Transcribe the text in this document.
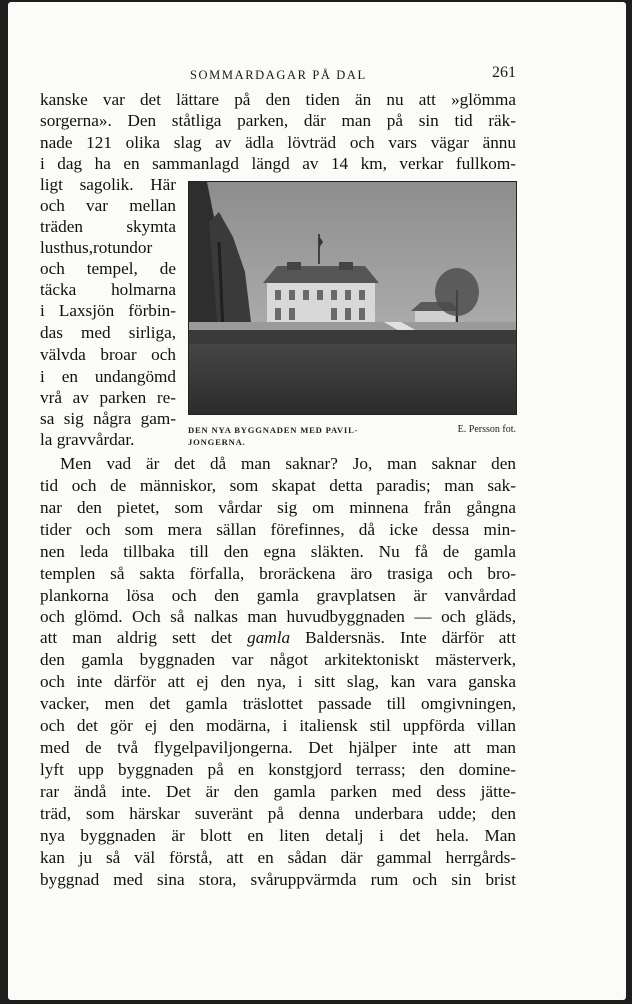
SOMMARDAGAR PÅ DAL	261
kanske var det lättare på den tiden än nu att »glömma
sorgerna». Den ståtliga parken, där man på sin tid räk-
nade 121 olika slag av ädla lövträd och vars vägar ännu
i dag ha en sammanlagd längd av 14 km, verkar fullkom-
ligt sagolik. Här
och var mellan
träden skymta
lusthus,rotundor
och tempel, de
täcka holmarna
i Laxsjön förbin-
das med sirliga,
välvda broar och
i en undangömd
vrå av parken re-
sa sig några gam-
la gravvårdar.	DEN NYA BYGGNADEN MED PAVIL-
JONGERNA.
E. Persson fot.
Men vad är det då man saknar? Jo, man saknar den
tid och de människor, som skapat detta paradis; man sak-
nar den pietet, som vårdar sig om minnena från gångna
tider och som mera sällan förefinnes, då icke dessa min-
nen leda tillbaka till den egna släkten. Nu få de gamla
templen så sakta förfalla, broräckena äro trasiga och bro-
plankorna lösa och den gamla gravplatsen är vanvårdad
och glömd. Och så nalkas man huvudbyggnaden — och gläds,
att man aldrig sett det gamla Baldersnäs. Inte därför att
den gamla byggnaden var något arkitektoniskt mästerverk,
och inte därför att ej den nya, i sitt slag, kan vara ganska
vacker, men det gamla träslottet passade till omgivningen,
och det gör ej den modärna, i italiensk stil uppförda villan
med de två flygelpaviljongerna. Det hjälper inte att man
lyft upp byggnaden på en konstgjord terrass; den domine-
rar ändå inte. Det är den gamla parken med dess jätte-
träd, som härskar suveränt på denna underbara udde; den
nya byggnaden är blott en liten detalj i det hela. Man
kan ju så väl förstå, att en sådan där gammal herrgårds-
byggnad med sina stora, svåruppvärmda rum och sin brist
